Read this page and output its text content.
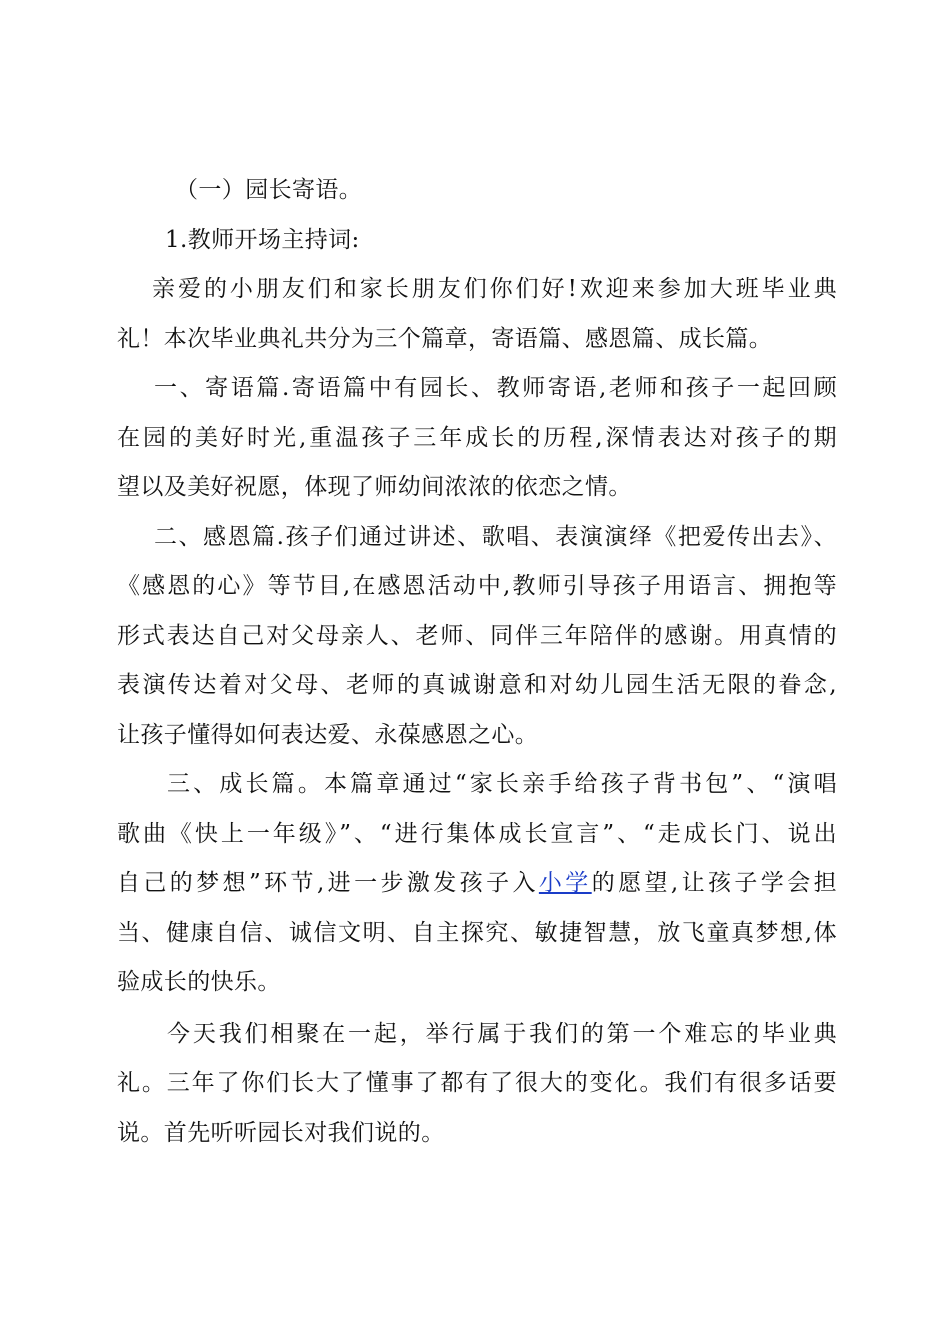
（一）园长寄语。
1.教师开场主持词:
亲爱的小朋友们和家长朋友们你们好!欢迎来参加大班毕业典
礼！本次毕业典礼共分为三个篇章，寄语篇、感恩篇、成长篇。
一、寄语篇.寄语篇中有园长、教师寄语,老师和孩子一起回顾
在园的美好时光,重温孩子三年成长的历程,深情表达对孩子的期
望以及美好祝愿，体现了师幼间浓浓的依恋之情。
二、感恩篇.孩子们通过讲述、歌唱、表演演绎《把爱传出去》、
《感恩的心》等节目,在感恩活动中,教师引导孩子用语言、拥抱等
形式表达自己对父母亲人、老师、同伴三年陪伴的感谢。用真情的
表演传达着对父母、老师的真诚谢意和对幼儿园生活无限的眷念,
让孩子懂得如何表达爱、永葆感恩之心。
三、成长篇。本篇章通过“家长亲手给孩子背书包”、“演唱
歌曲《快上一年级》”、“进行集体成长宣言”、“走成长门、说出
自己的梦想”环节,进一步激发孩子入小学的愿望,让孩子学会担
当、健康自信、诚信文明、自主探究、敏捷智慧，放飞童真梦想,体
验成长的快乐。
今天我们相聚在一起，举行属于我们的第一个难忘的毕业典
礼。三年了你们长大了懂事了都有了很大的变化。我们有很多话要
说。首先听听园长对我们说的。
